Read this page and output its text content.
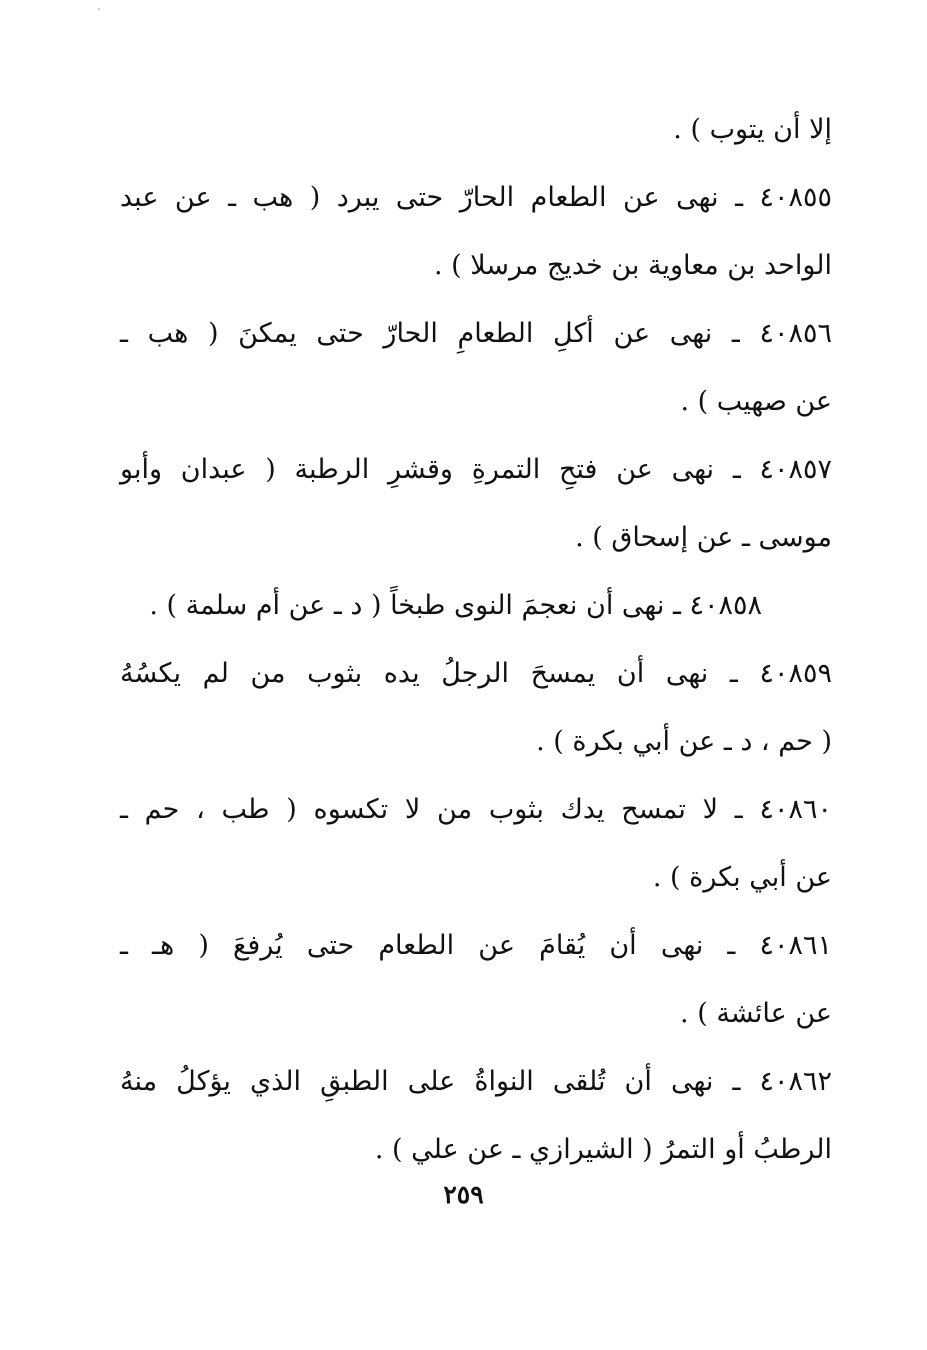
إلا أن يتوب ) .
٤٠٨٥٥ ـ نهى عن الطعام الحارّ حتى يبرد ( هب ـ عن عبد
الواحد بن معاوية بن خديج مرسلا ) .
٤٠٨٥٦ ـ نهى عن أكلِ الطعامِ الحارّ حتى يمكنَ ( هب ـ
عن صهيب ) .
٤٠٨٥٧ ـ نهى عن فتحِ التمرةِ وقشرِ الرطبة ( عبدان وأبو
موسى ـ عن إسحاق ) .
٤٠٨٥٨ ـ نهى أن نعجمَ النوى طبخاً ( د ـ عن أم سلمة ) .
٤٠٨٥٩ ـ نهى أن يمسحَ الرجلُ يده بثوب من لم يكسُهُ
( حم ، د ـ عن أبي بكرة ) .
٤٠٨٦٠ ـ لا تمسح يدك بثوب من لا تكسوه ( طب ، حم ـ
عن أبي بكرة ) .
٤٠٨٦١ ـ نهى أن يُقامَ عن الطعام حتى يُرفعَ ( هـ ـ
عن عائشة ) .
٤٠٨٦٢ ـ نهى أن تُلقى النواةُ على الطبقِ الذي يؤكلُ منهُ
الرطبُ أو التمرُ ( الشيرازي ـ عن علي ) .
٢٥٩
